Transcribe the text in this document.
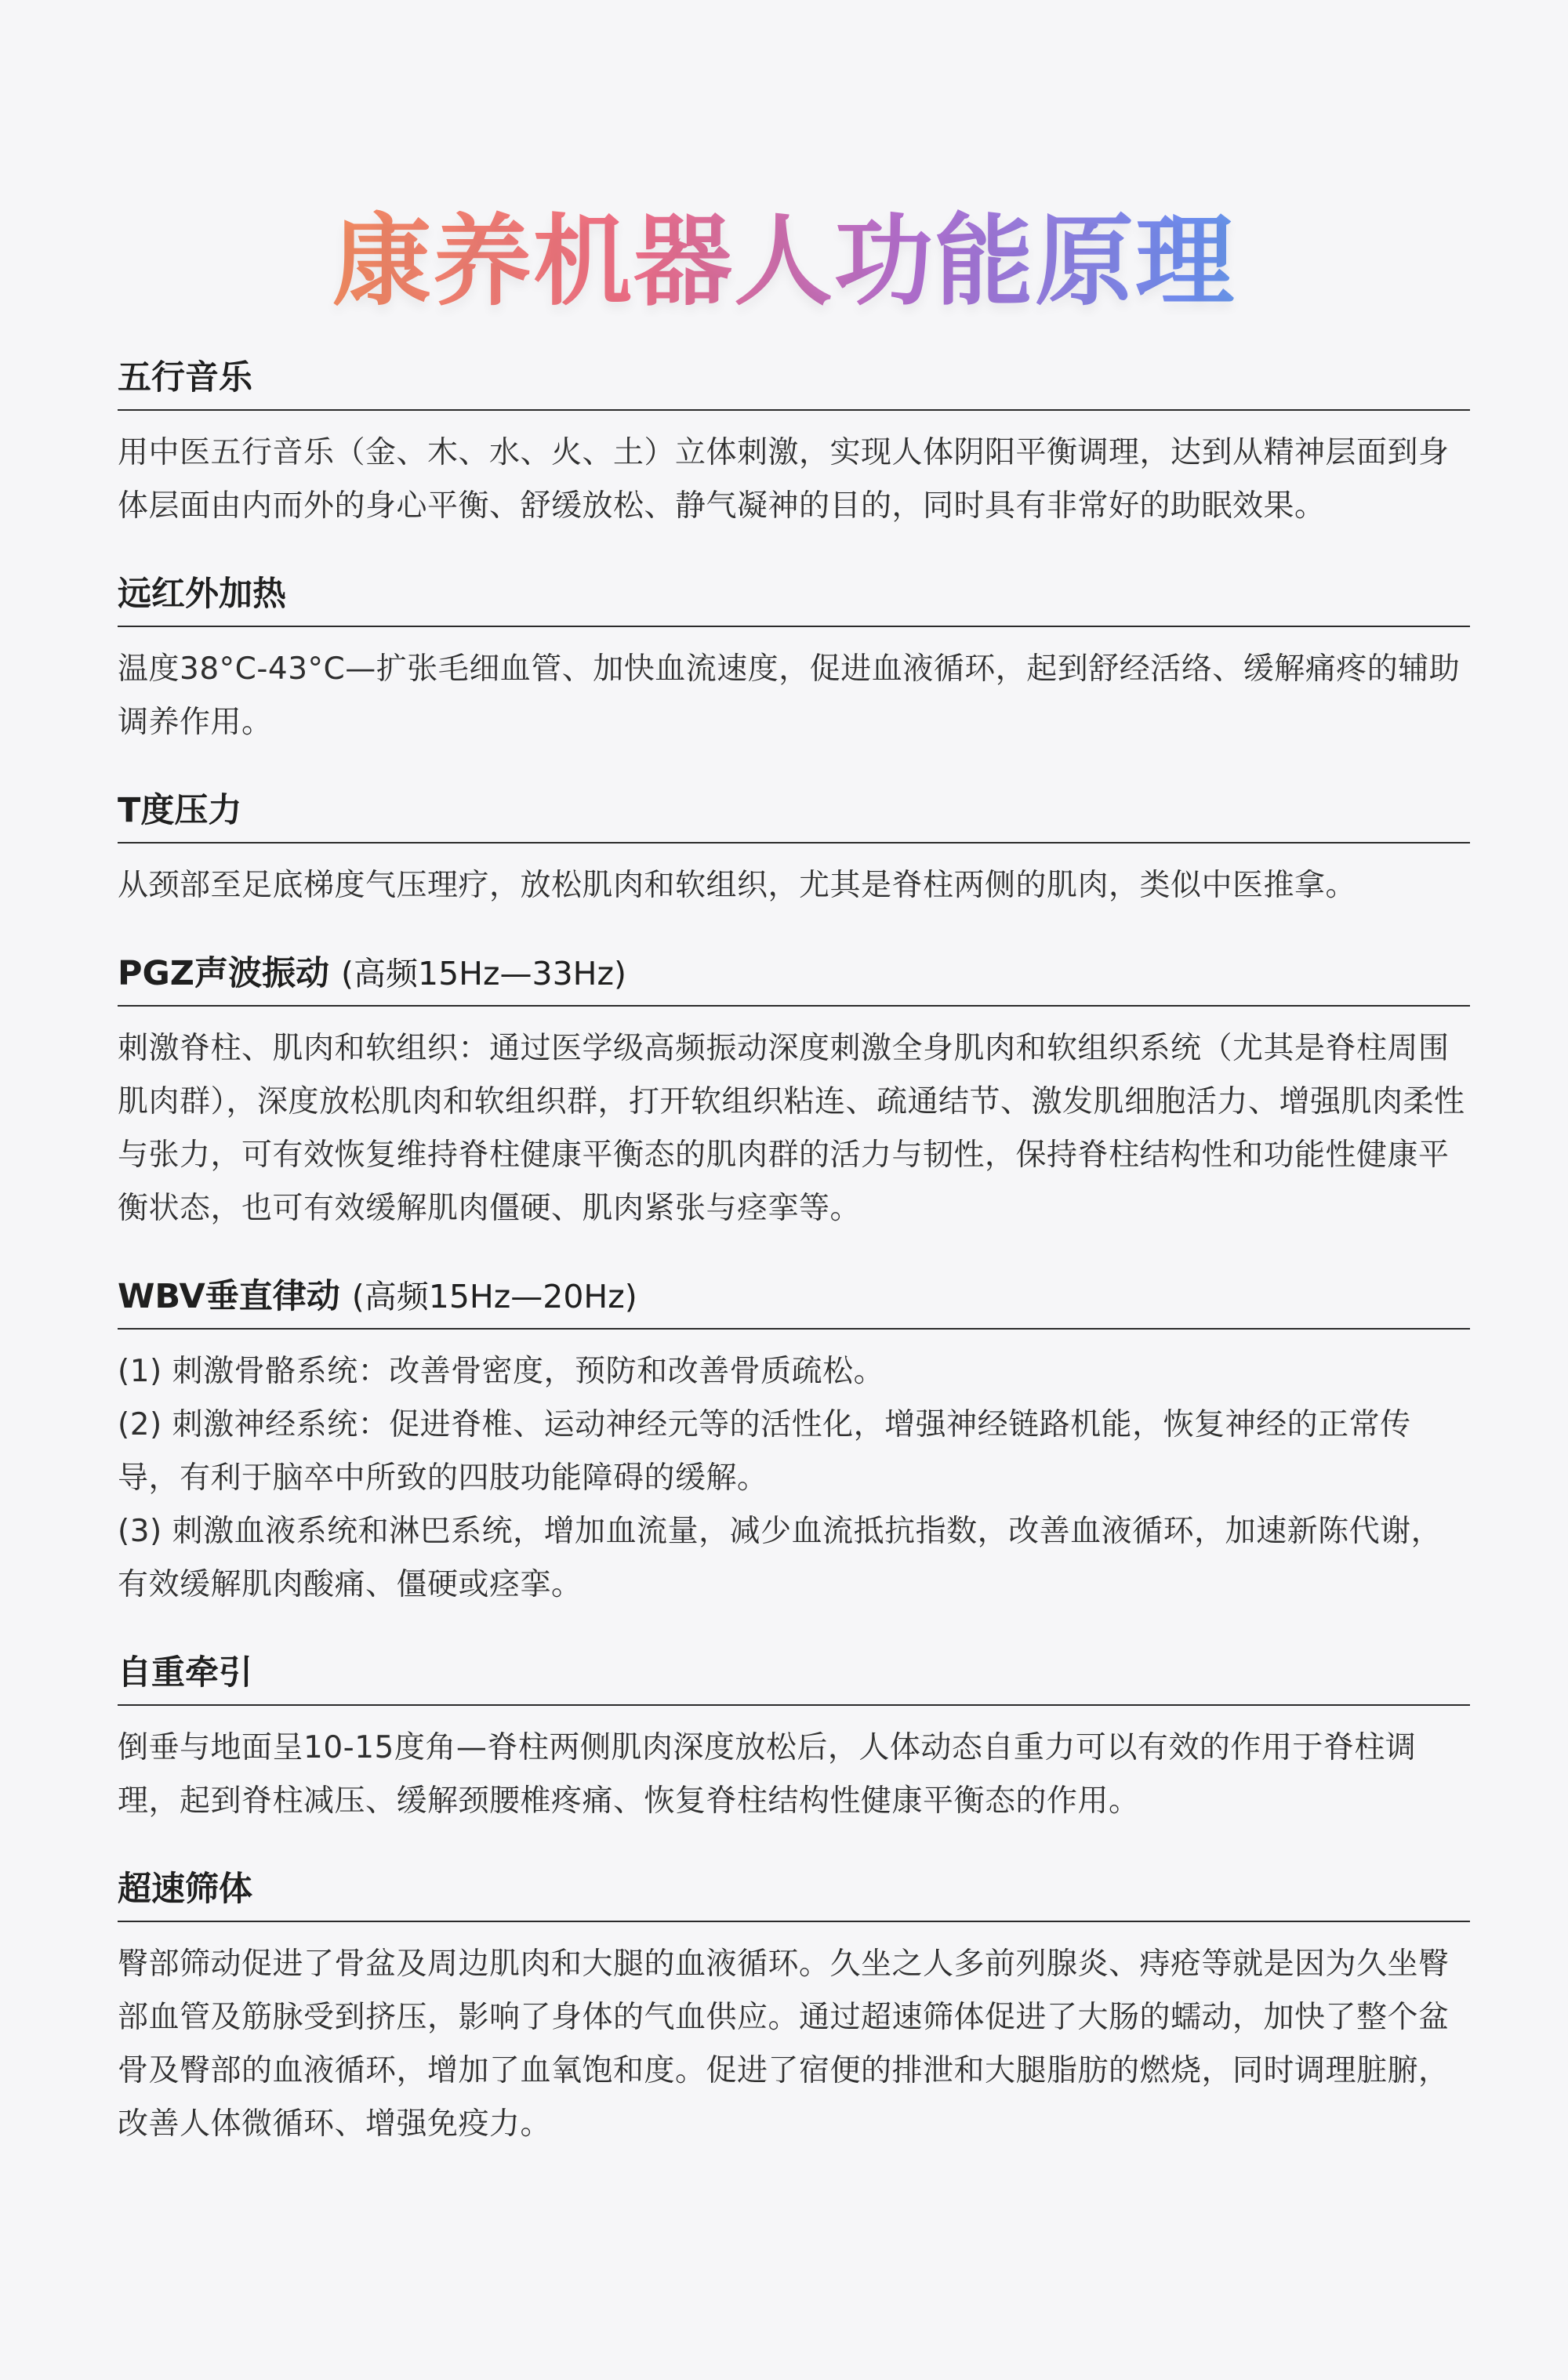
康养机器人功能原理
五行音乐

用中医五行音乐（金、木、水、火、土）立体刺激，实现人体阴阳平衡调理，达到从精神层面到身体层面由内而外的身心平衡、舒缓放松、静气凝神的目的，同时具有非常好的助眠效果。

远红外加热

温度38°C-43°C—扩张毛细血管、加快血流速度，促进血液循环，起到舒经活络、缓解痛疼的辅助调养作用。

T度压力

从颈部至足底梯度气压理疗，放松肌肉和软组织，尤其是脊柱两侧的肌肉，类似中医推拿。

PGZ声波振动 (高频15Hz—33Hz)

刺激脊柱、肌肉和软组织：通过医学级高频振动深度刺激全身肌肉和软组织系统（尤其是脊柱周围肌肉群），深度放松肌肉和软组织群，打开软组织粘连、疏通结节、激发肌细胞活力、增强肌肉柔性与张力，可有效恢复维持脊柱健康平衡态的肌肉群的活力与韧性，保持脊柱结构性和功能性健康平衡状态，也可有效缓解肌肉僵硬、肌肉紧张与痉挛等。

WBV垂直律动 (高频15Hz—20Hz)

(1) 刺激骨骼系统：改善骨密度，预防和改善骨质疏松。

(2) 刺激神经系统：促进脊椎、运动神经元等的活性化，增强神经链路机能，恢复神经的正常传导，有利于脑卒中所致的四肢功能障碍的缓解。

(3) 刺激血液系统和淋巴系统，增加血流量，减少血流抵抗指数，改善血液循环，加速新陈代谢，有效缓解肌肉酸痛、僵硬或痉挛。

自重牵引

倒垂与地面呈10-15度角—脊柱两侧肌肉深度放松后，人体动态自重力可以有效的作用于脊柱调理，起到脊柱减压、缓解颈腰椎疼痛、恢复脊柱结构性健康平衡态的作用。

超速筛体

臀部筛动促进了骨盆及周边肌肉和大腿的血液循环。久坐之人多前列腺炎、痔疮等就是因为久坐臀部血管及筋脉受到挤压，影响了身体的气血供应。通过超速筛体促进了大肠的蠕动，加快了整个盆骨及臀部的血液循环，增加了血氧饱和度。促进了宿便的排泄和大腿脂肪的燃烧，同时调理脏腑，改善人体微循环、增强免疫力。
